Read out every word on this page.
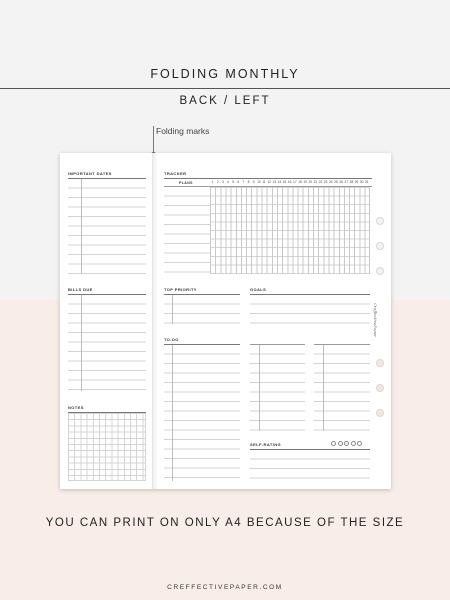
FOLDING MONTHLY
BACK / LEFT
Folding marks
IMPORTANT DATES
BILLS DUE
NOTES
TRACKER
PLANS	1	2	3	4	5	6	7	8	9 10 11 12 13 14 15 16 17 18 19 20 21 22 23 24 25 26 27 28 29 30 31
TOP PRIORITY	GOALS
TO-DO
SELF-RATING
CreffectivePaper
YOU CAN PRINT ON ONLY A4 BECAUSE OF THE SIZE
CREFFECTIVEPAPER.COM
